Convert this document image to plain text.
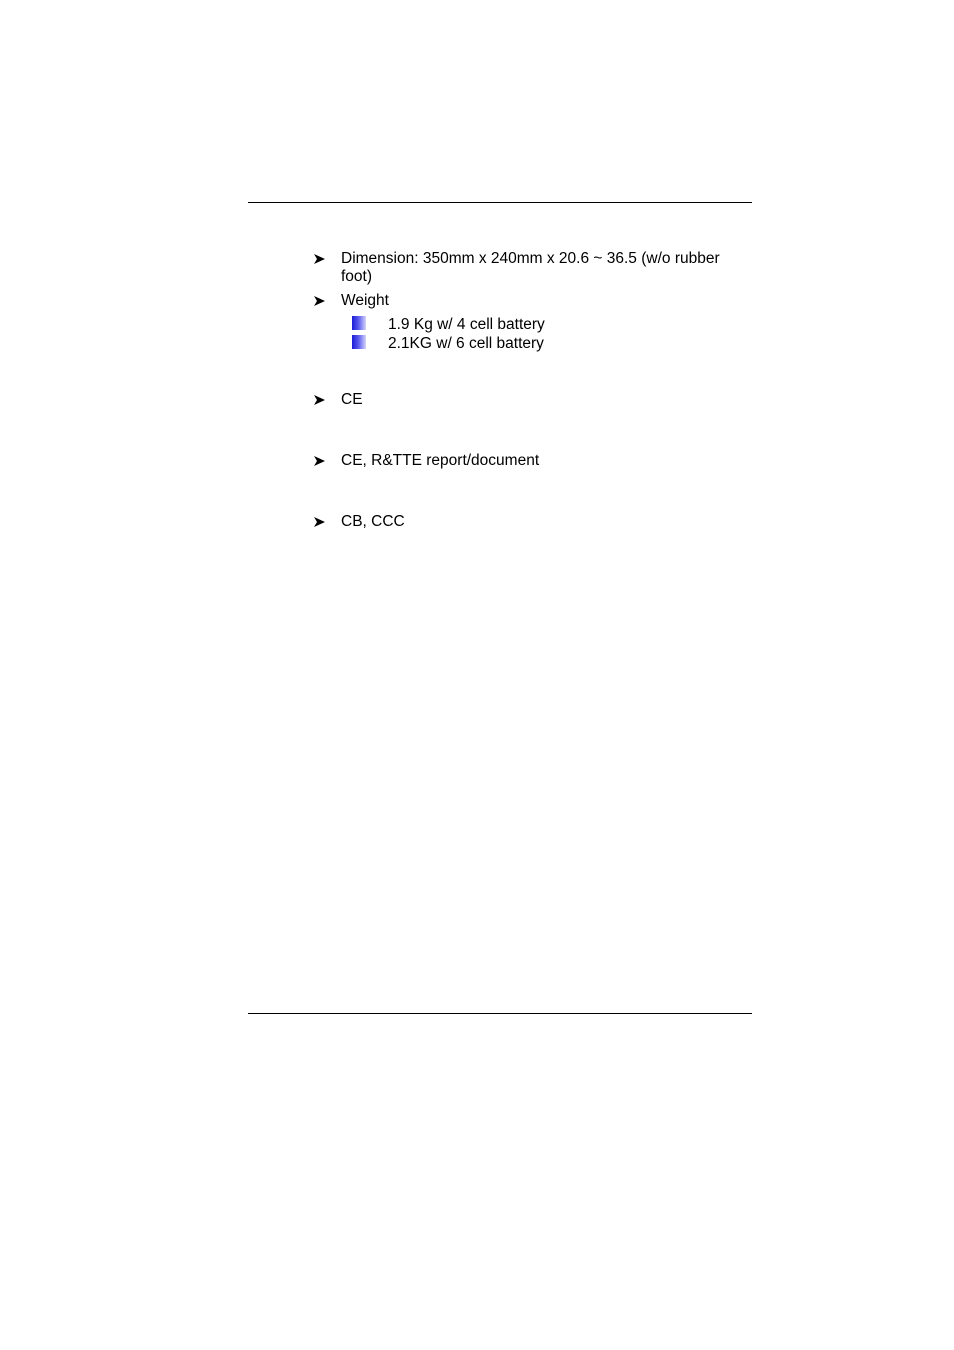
Dimension: 350mm x 240mm x 20.6 ~ 36.5 (w/o rubber foot)
Weight
1.9 Kg w/ 4 cell battery
2.1KG w/ 6 cell battery
CE
CE, R&TTE report/document
CB, CCC
